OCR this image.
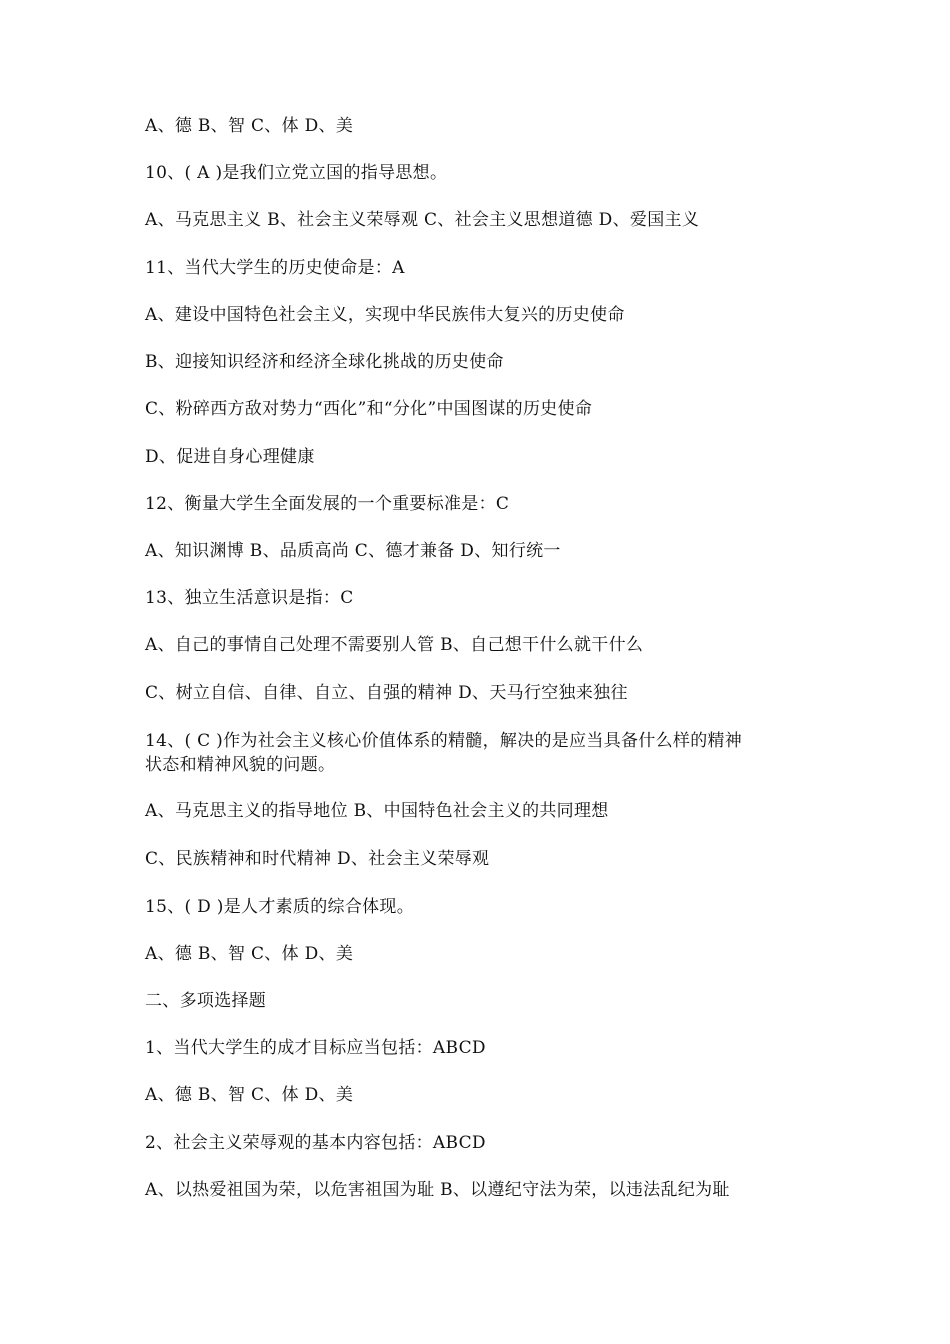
A、德 B、智 C、体 D、美
10、( A )是我们立党立国的指导思想。
A、马克思主义 B、社会主义荣辱观 C、社会主义思想道德 D、爱国主义
11、当代大学生的历史使命是：A
A、建设中国特色社会主义，实现中华民族伟大复兴的历史使命
B、迎接知识经济和经济全球化挑战的历史使命
C、粉碎西方敌对势力“西化”和“分化”中国图谋的历史使命
D、促进自身心理健康
12、衡量大学生全面发展的一个重要标准是：C
A、知识渊博 B、品质高尚 C、德才兼备 D、知行统一
13、独立生活意识是指：C
A、自己的事情自己处理不需要别人管 B、自己想干什么就干什么
C、树立自信、自律、自立、自强的精神 D、天马行空独来独往
14、( C )作为社会主义核心价值体系的精髓，解决的是应当具备什么样的精神
状态和精神风貌的问题。
A、马克思主义的指导地位 B、中国特色社会主义的共同理想
C、民族精神和时代精神 D、社会主义荣辱观
15、( D )是人才素质的综合体现。
A、德 B、智 C、体 D、美
二、多项选择题
1、当代大学生的成才目标应当包括：ABCD
A、德 B、智 C、体 D、美
2、社会主义荣辱观的基本内容包括：ABCD
A、以热爱祖国为荣，以危害祖国为耻 B、以遵纪守法为荣，以违法乱纪为耻
